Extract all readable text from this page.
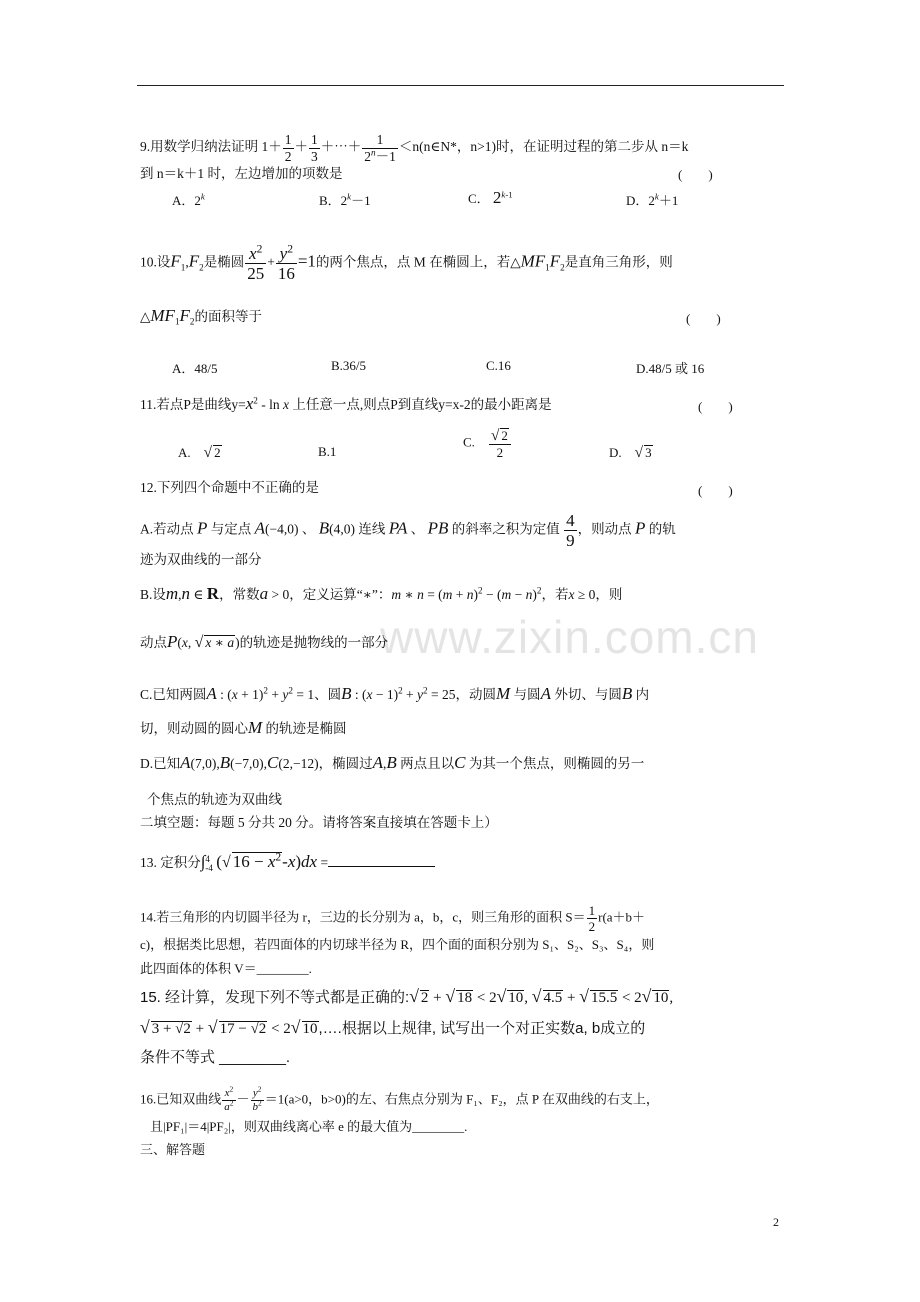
www.zixin.com.cn
9.用数学归纳法证明 $1+ \frac{1}{2} + \frac{1}{3}$ ＋⋯＋ $\frac{1}{2^n-1}$ ＜n(n∈N*，n>1)时，在证明过程的第二步从 n＝k
到 n＝k＋1 时，左边增加的项数是	(　　)
A．2$^k$	B．$2^k-1$	C． 2$^{k-1}$	D．$2^k+1$
10.设$F_1,F_2$是椭圆 $\frac{x^2}{25} + \frac{y^2}{16} =1$的两个焦点，点 M 在椭圆上，若$\triangle MF_1F_2$是直角三角形，则
$\triangle MF_1F_2$的面积等于	(　　)
A．48/5	B.36/5	C.16	D.48/5 或 16
11.若点P是曲线$y=x^2 - \ln x$ 上任意一点,则点P到直线y=x-2的最小距离是	(　　)
A.　 √ 2	B.1
C.　 $\frac{√ 2}{2}$	D.　 √ 3
12.下列四个命题中不正确的是	(　　)
A.若动点 P 与定点 A(−4,0) 、 B(4,0) 连线 PA 、 PB 的斜率之积为定值 $\frac{4}{9}$ ，则动点 P 的轨
迹为双曲线的一部分
B.设m,n ∈ R，常数a > 0，定义运算“∗”：m ∗ $n = (m + n)^2 - (m - n)^2$，若x ≥ 0，则
动点P(x, √ x ∗ a)的轨迹是抛物线的一部分
C.已知两圆A : $(x + 1)^2 + y^2 = 1$、圆B : $(x - 1)^2 + y^2 = 25$，动圆M 与圆A 外切、与圆B 内
切，则动圆的圆心M 的轨迹是椭圆
D.已知A(7,0),B(−7,0),C(2,−12)，椭圆过A,B 两点且以C 为其一个焦点，则椭圆的另一
个焦点的轨迹为双曲线
二填空题：每题 5 分共 20 分。请将答案直接填在答题卡上）
13. 定积分∫4
-4 (√ $16 - x^2-x)dx$ =
14.若三角形的内切圆半径为 r，三边的长分别为 a，b，c，则三角形的面积 $S= \frac{1}{2} r(a+b+$
c)，根据类比思想，若四面体的内切球半径为 R，四个面的面积分别为 S₁、S₂、S₃、S₄，则
此四面体的体积 V＝________.
15. 经计算，发现下列不等式都是正确的:√ 2 + √ 18 < 2√ 10, √ 4.5 + √ 15.5 < 2√ 10,
√ 3 + √2 + √ 17 − √2 < 2√ 10,….根据以上规律, 试写出一个对正实数a, b成立的
条件不等式 ________.
16.已知双曲线 $\frac{x^2}{a^2} - \frac{y^2}{b^2} =1(a>0$，b>0)的左、右焦点分别为 F₁、F₂，点 P 在双曲线的右支上，
且|PF₁|＝4|PF₂|，则双曲线离心率 e 的最大值为________.
三、解答题
2
